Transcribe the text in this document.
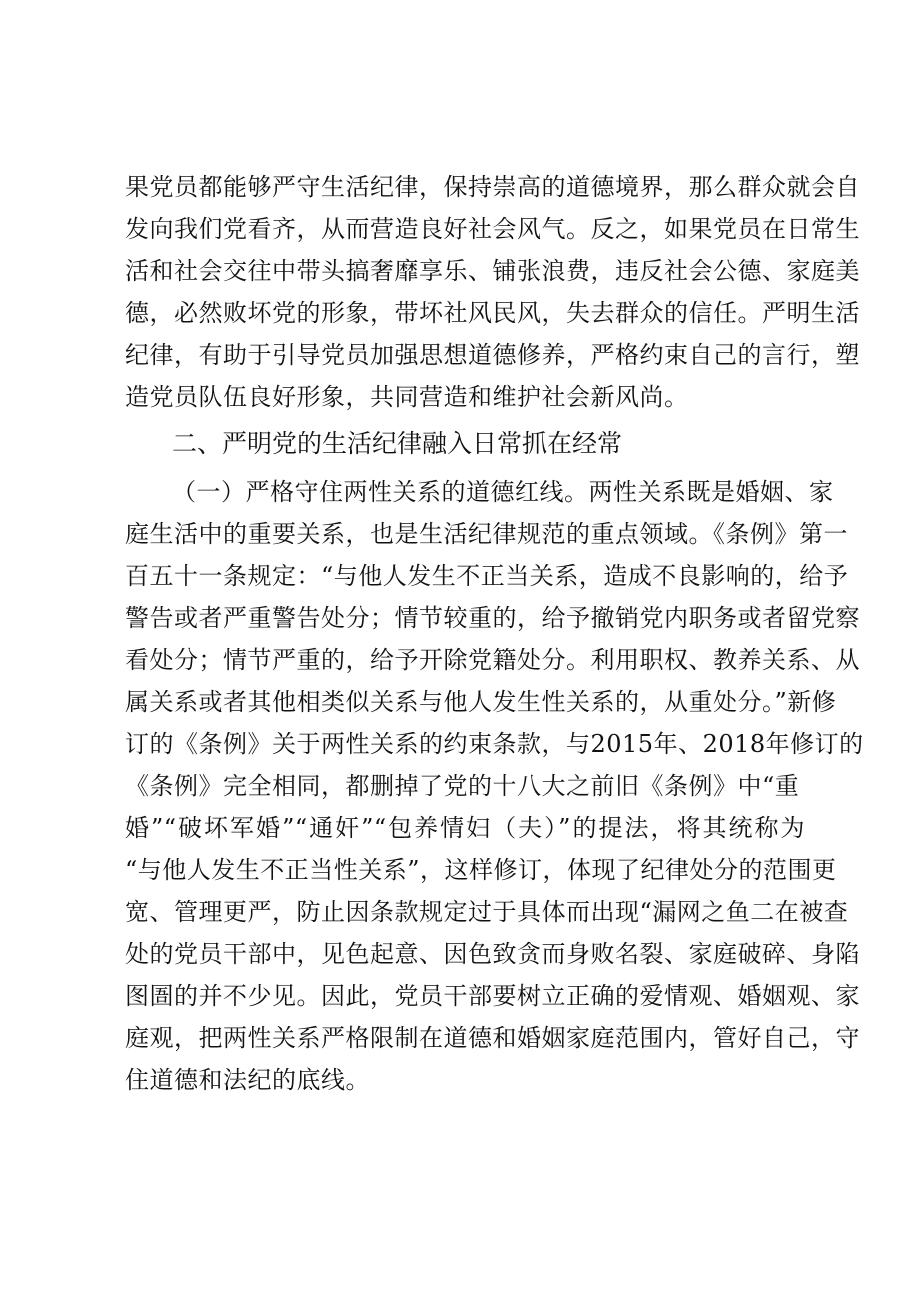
果党员都能够严守生活纪律，保持崇高的道德境界，那么群众就会自
发向我们党看齐，从而营造良好社会风气。反之，如果党员在日常生
活和社会交往中带头搞奢靡享乐、铺张浪费，违反社会公德、家庭美
德，必然败坏党的形象，带坏社风民风，失去群众的信任。严明生活
纪律，有助于引导党员加强思想道德修养，严格约束自己的言行，塑
造党员队伍良好形象，共同营造和维护社会新风尚。
二、严明党的生活纪律融入日常抓在经常
（一）严格守住两性关系的道德红线。两性关系既是婚姻、家
庭生活中的重要关系，也是生活纪律规范的重点领域。《条例》第一
百五十一条规定：“与他人发生不正当关系，造成不良影响的，给予
警告或者严重警告处分；情节较重的，给予撤销党内职务或者留党察
看处分；情节严重的，给予开除党籍处分。利用职权、教养关系、从
属关系或者其他相类似关系与他人发生性关系的，从重处分。”新修
订的《条例》关于两性关系的约束条款，与2015年、2018年修订的
《条例》完全相同，都删掉了党的十八大之前旧《条例》中“重
婚”“破坏军婚”“通奸”“包养情妇（夫）”的提法，将其统称为
“与他人发生不正当性关系”，这样修订，体现了纪律处分的范围更
宽、管理更严，防止因条款规定过于具体而出现“漏网之鱼二在被查
处的党员干部中，见色起意、因色致贪而身败名裂、家庭破碎、身陷
图圄的并不少见。因此，党员干部要树立正确的爱情观、婚姻观、家
庭观，把两性关系严格限制在道德和婚姻家庭范围内，管好自己，守
住道德和法纪的底线。
